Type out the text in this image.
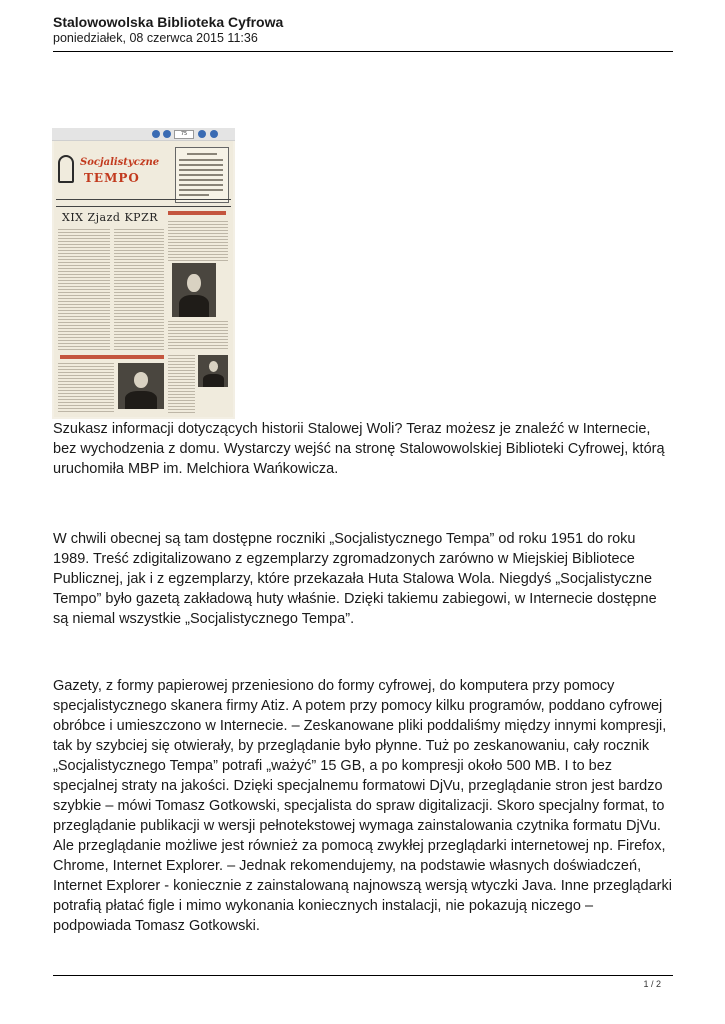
Stalowowolska Biblioteka Cyfrowa
poniedziałek, 08 czerwca 2015 11:36
75
Socjalistyczne
TEMPO
XIX Zjazd KPZR
Szukasz informacji dotyczących historii Stalowej Woli? Teraz możesz je znaleźć w Internecie, bez wychodzenia z domu. Wystarczy wejść na stronę Stalowowolskiej Biblioteki Cyfrowej, którą uruchomiła MBP im. Melchiora Wańkowicza.
W chwili obecnej są tam dostępne roczniki „Socjalistycznego Tempa” od roku 1951 do roku 1989. Treść zdigitalizowano z egzemplarzy zgromadzonych zarówno w Miejskiej Bibliotece Publicznej, jak i z egzemplarzy, które przekazała Huta Stalowa Wola. Niegdyś „Socjalistyczne Tempo” było gazetą zakładową huty właśnie. Dzięki takiemu zabiegowi, w Internecie dostępne są niemal wszystkie „Socjalistycznego Tempa”.
Gazety, z formy papierowej przeniesiono do formy cyfrowej, do komputera przy pomocy specjalistycznego skanera firmy Atiz. A potem przy pomocy kilku programów, poddano cyfrowej obróbce i umieszczono w Internecie. – Zeskanowane pliki poddaliśmy między innymi kompresji, tak by szybciej się otwierały, by przeglądanie było płynne. Tuż po zeskanowaniu, cały rocznik „Socjalistycznego Tempa” potrafi „ważyć” 15 GB, a po kompresji około 500 MB. I to bez specjalnej straty na jakości. Dzięki specjalnemu formatowi DjVu, przeglądanie stron jest bardzo szybkie – mówi Tomasz Gotkowski, specjalista do spraw digitalizacji. Skoro specjalny format, to przeglądanie publikacji w wersji pełnotekstowej wymaga zainstalowania czytnika formatu DjVu. Ale przeglądanie możliwe jest również za pomocą zwykłej przeglądarki internetowej np. Firefox, Chrome, Internet Explorer. – Jednak rekomendujemy, na podstawie własnych doświadczeń, Internet Explorer - koniecznie z zainstalowaną najnowszą wersją wtyczki Java. Inne przeglądarki potrafią płatać figle i mimo wykonania koniecznych instalacji, nie pokazują niczego – podpowiada Tomasz Gotkowski.
1 / 2
